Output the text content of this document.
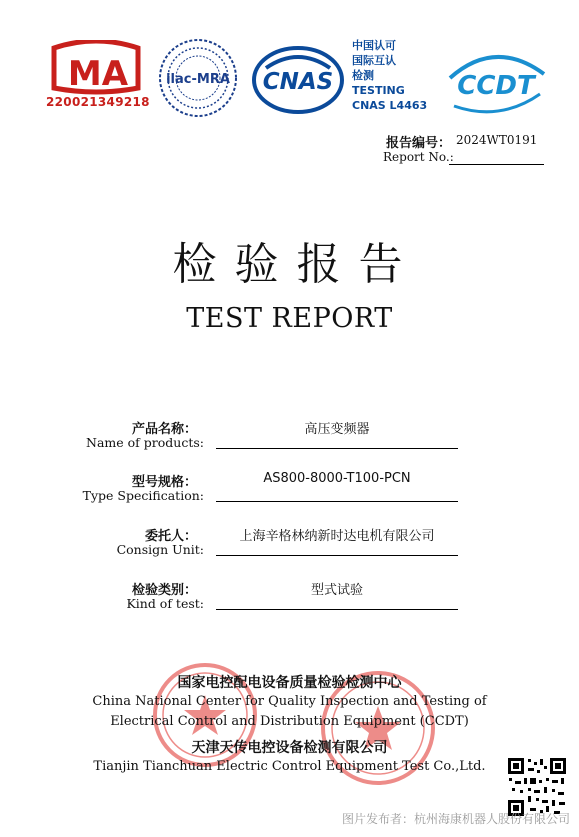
MA
220021349218
ilac-MRA CNAS
中国认可
国际互认
检测
TESTING
CNAS L4463
CCDT
报告编号： 2024WT0191
Report No.:
检验报告
TEST REPORT
产品名称：
Name of products:
高压变频器
型号规格：
Type Specification:
AS800-8000-T100-PCN
委托人：
Consign Unit:
上海辛格林纳新时达电机有限公司
检验类别：
Kind of test:
型式试验
国家电控配电设备质量检验检测中心
China National Center for Quality Inspection and Testing of
Electrical Control and Distribution Equipment (CCDT)
天津天传电控设备检测有限公司
Tianjin Tianchuan Electric Control Equipment Test Co.,Ltd.
图片发布者：杭州海康机器人股份有限公司
